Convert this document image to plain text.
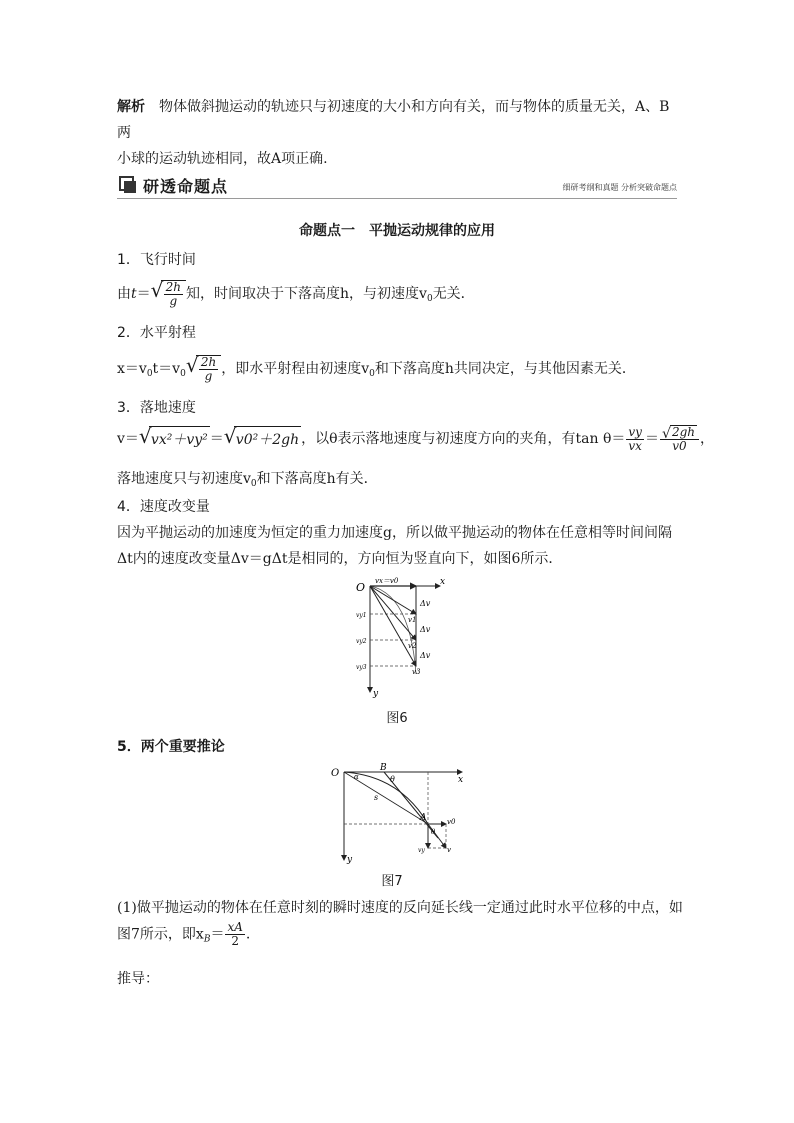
解析　 物体做斜抛运动的轨迹只与初速度的大小和方向有关，而与物体的质量无关，A、B两
小球的运动轨迹相同，故A项正确.
研透命题点	细研考纲和真题 分析突破命题点
命题点一　平抛运动规律的应用
1．飞行时间
由t＝ √ $\frac{2h}{g}$ 知，时间取决于下落高度h，与初速度$v_0$无关．
2．水平射程
$x=v_0t=v_0$ √ $\frac{2h}{g}$ ，即水平射程由初速度$v_0$和下落高度h共同决定，与其他因素无关．
3．落地速度
v＝ √ vx²＋vy² ＝ √ v0²＋2gh ，以θ表示落地速度与初速度方向的夹角，有$\tan \theta= \frac{vy}{vx} = \frac{√ 2gh}{v0}$ ，
落地速度只与初速度$v_0$和下落高度h有关．
4．速度改变量
因为平抛运动的加速度为恒定的重力加速度g，所以做平抛运动的物体在任意相等时间间隔
Δt内的速度改变量Δv＝gΔt是相同的，方向恒为竖直向下，如图6所示．
O	x
y
vx＝v0
vy1
vy2
vy3
v1
v2
v3
Δv
Δv
Δv
图6
5．两个重要推论
O
x
y
B
θ
α
s
A
θ
v0
vy	v
图7
(1)做平抛运动的物体在任意时刻的瞬时速度的反向延长线一定通过此时水平位移的中点，如
图7所示，即$x_B= \frac{xA}{2}$ .
推导：
